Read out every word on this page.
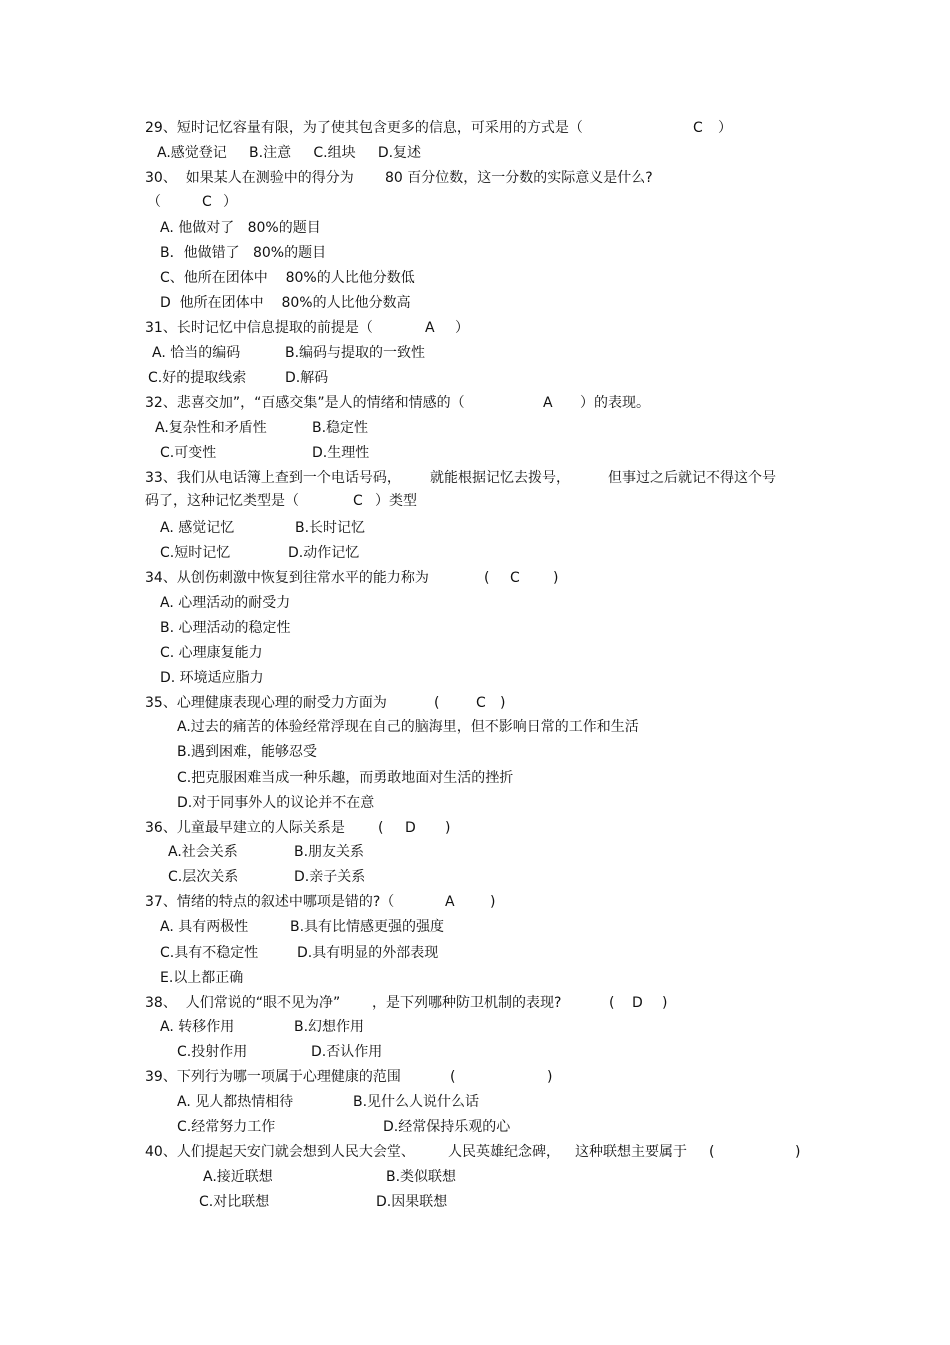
29、短时记忆容量有限，为了使其包含更多的信息，可采用的方式是（	C ）
A.感觉登记     B.注意     C.组块     D.复述
30、  如果某人在测验中的得分为 80 百分位数，这一分数的实际意义是什么?
（	C ）
A. 他做对了   80%的题目
B．他做错了   80%的题目
C、他所在团体中    80%的人比他分数低
D  他所在团体中    80%的人比他分数高
31、长时记忆中信息提取的前提是（	A ）
A. 恰当的编码	B.编码与提取的一致性
C.好的提取线索	D.解码
32、悲喜交加”，“百感交集”是人的情绪和情感的（	A ）的表现。
A.复杂性和矛盾性	B.稳定性
C.可变性	D.生理性
33、我们从电话簿上查到一个电话号码， 就能根据记忆去拨号，	但事过之后就记不得这个号
码了，这种记忆类型是（	C ）类型
A. 感觉记忆	B.长时记忆
C.短时记忆	D.动作记忆
34、从创伤刺激中恢复到往常水平的能力称为	( C )
A. 心理活动的耐受力
B. 心理活动的稳定性
C. 心理康复能力
D. 环境适应脂力
35、心理健康表现心理的耐受力方面为	(	C )
A.过去的痛苦的体验经常浮现在自己的脑海里，但不影响日常的工作和生活
B.遇到困难，能够忍受
C.把克服困难当成一种乐趣，而勇敢地面对生活的挫折
D.对于同事外人的议论并不在意
36、儿童最早建立的人际关系是 ( D )
A.社会关系	B.朋友关系
C.层次关系	D.亲子关系
37、情绪的特点的叙述中哪项是错的?（	A	)
A. 具有两极性	B.具有比情感更强的强度
C.具有不稳定性	D.具有明显的外部表现
E.以上都正确
38、  人们常说的“眼不见为净” ，是下列哪种防卫机制的表现?	( D )
A. 转移作用	B.幻想作用
C.投射作用	D.否认作用
39、下列行为哪一项属于心理健康的范围	(	)
A. 见人都热情相待	B.见什么人说什么话
C.经常努力工作	D.经常保持乐观的心
40、人们提起天安门就会想到人民大会堂、 人民英雄纪念碑， 这种联想主要属于 (	)
A.接近联想	B.类似联想
C.对比联想	D.因果联想
